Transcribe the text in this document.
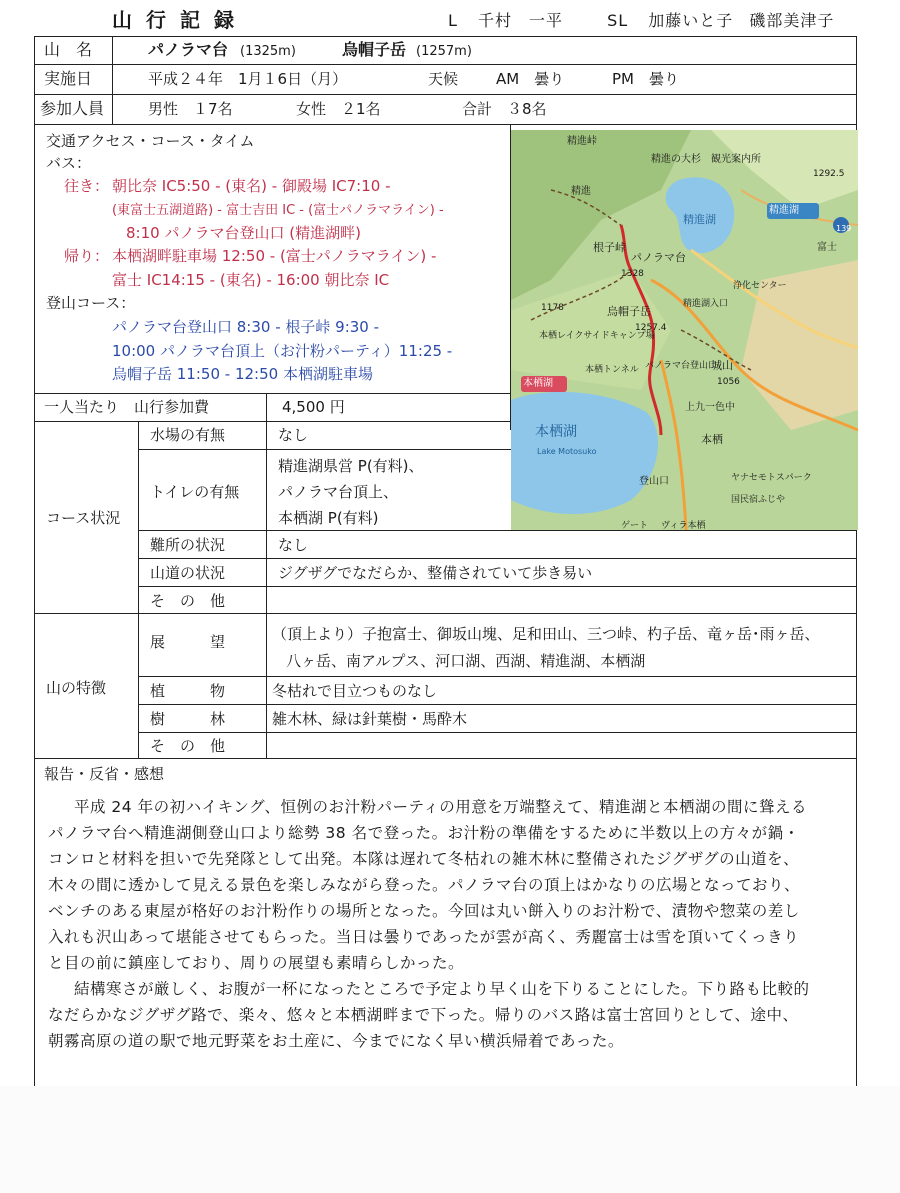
山行記録	L 千村　一平	SL 加藤いと子 磯部美津子
山　名	パノラマ台 (1325m)	烏帽子岳 (1257m)
実施日	平成２４年　1月１6日（月）	天候	AM　曇り	PM　曇り
参加人員	男性　１7名	女性　２1名	合計　３8名
交通アクセス・コース・タイム
バス：
往き： 朝比奈 IC5:50 - (東名) - 御殿場 IC7:10 -
(東富士五湖道路) - 富士吉田 IC - (富士パノラマライン) -
8:10 パノラマ台登山口 (精進湖畔)
帰り： 本栖湖畔駐車場 12:50 - (富士パノラマライン) -
富士 IC14:15 - (東名) - 16:00 朝比奈 IC
登山コース：
パノラマ台登山口 8:30 - 根子峠 9:30 -
10:00 パノラマ台頂上（お汁粉パーティ）11:25 -
烏帽子岳 11:50 - 12:50 本栖湖駐車場
精進峠
精進
精進の大杉 観光案内所
精進湖
精進湖
根子峠
パノラマ台
1328
烏帽子岳
1257.4
本栖湖
本栖湖
Lake Motosuko
城山
1056
上九一色中
本栖
パノラマ台登山口
浄化センター
精進湖入口
本栖レイクサイドキャンプ場
本栖トンネル
登山口
富士
1292.5
139
1178
ゲート ヴィラ本栖
国民宿ふじや
ヤナセモトスパーク
一人当たり　山行参加費	4,500 円
コース状況
水場の有無	なし
トイレの有無
精進湖県営 P(有料)、
パノラマ台頂上、
本栖湖 P(有料)
難所の状況	なし
山道の状況	ジグザグでなだらか、整備されていて歩き易い
そ　の　他
山の特徴
展　　　望	（頂上より）子抱富士、御坂山塊、足和田山、三つ峠、杓子岳、竜ヶ岳･雨ヶ岳、
八ヶ岳、南アルプス、河口湖、西湖、精進湖、本栖湖
植　　　物	冬枯れで目立つものなし
樹　　　林	雑木林、緑は針葉樹・馬酔木
そ　の　他
報告・反省・感想
平成 24 年の初ハイキング、恒例のお汁粉パーティの用意を万端整えて、精進湖と本栖湖の間に聳える
パノラマ台へ精進湖側登山口より総勢 38 名で登った。お汁粉の準備をするために半数以上の方々が鍋・
コンロと材料を担いで先発隊として出発。本隊は遅れて冬枯れの雑木林に整備されたジグザグの山道を、
木々の間に透かして見える景色を楽しみながら登った。パノラマ台の頂上はかなりの広場となっており、
ベンチのある東屋が格好のお汁粉作りの場所となった。今回は丸い餅入りのお汁粉で、漬物や惣菜の差し
入れも沢山あって堪能させてもらった。当日は曇りであったが雲が高く、秀麗富士は雪を頂いてくっきり
と目の前に鎮座しており、周りの展望も素晴らしかった。
結構寒さが厳しく、お腹が一杯になったところで予定より早く山を下りることにした。下り路も比較的
なだらかなジグザグ路で、楽々、悠々と本栖湖畔まで下った。帰りのバス路は富士宮回りとして、途中、
朝霧高原の道の駅で地元野菜をお土産に、今までになく早い横浜帰着であった。
